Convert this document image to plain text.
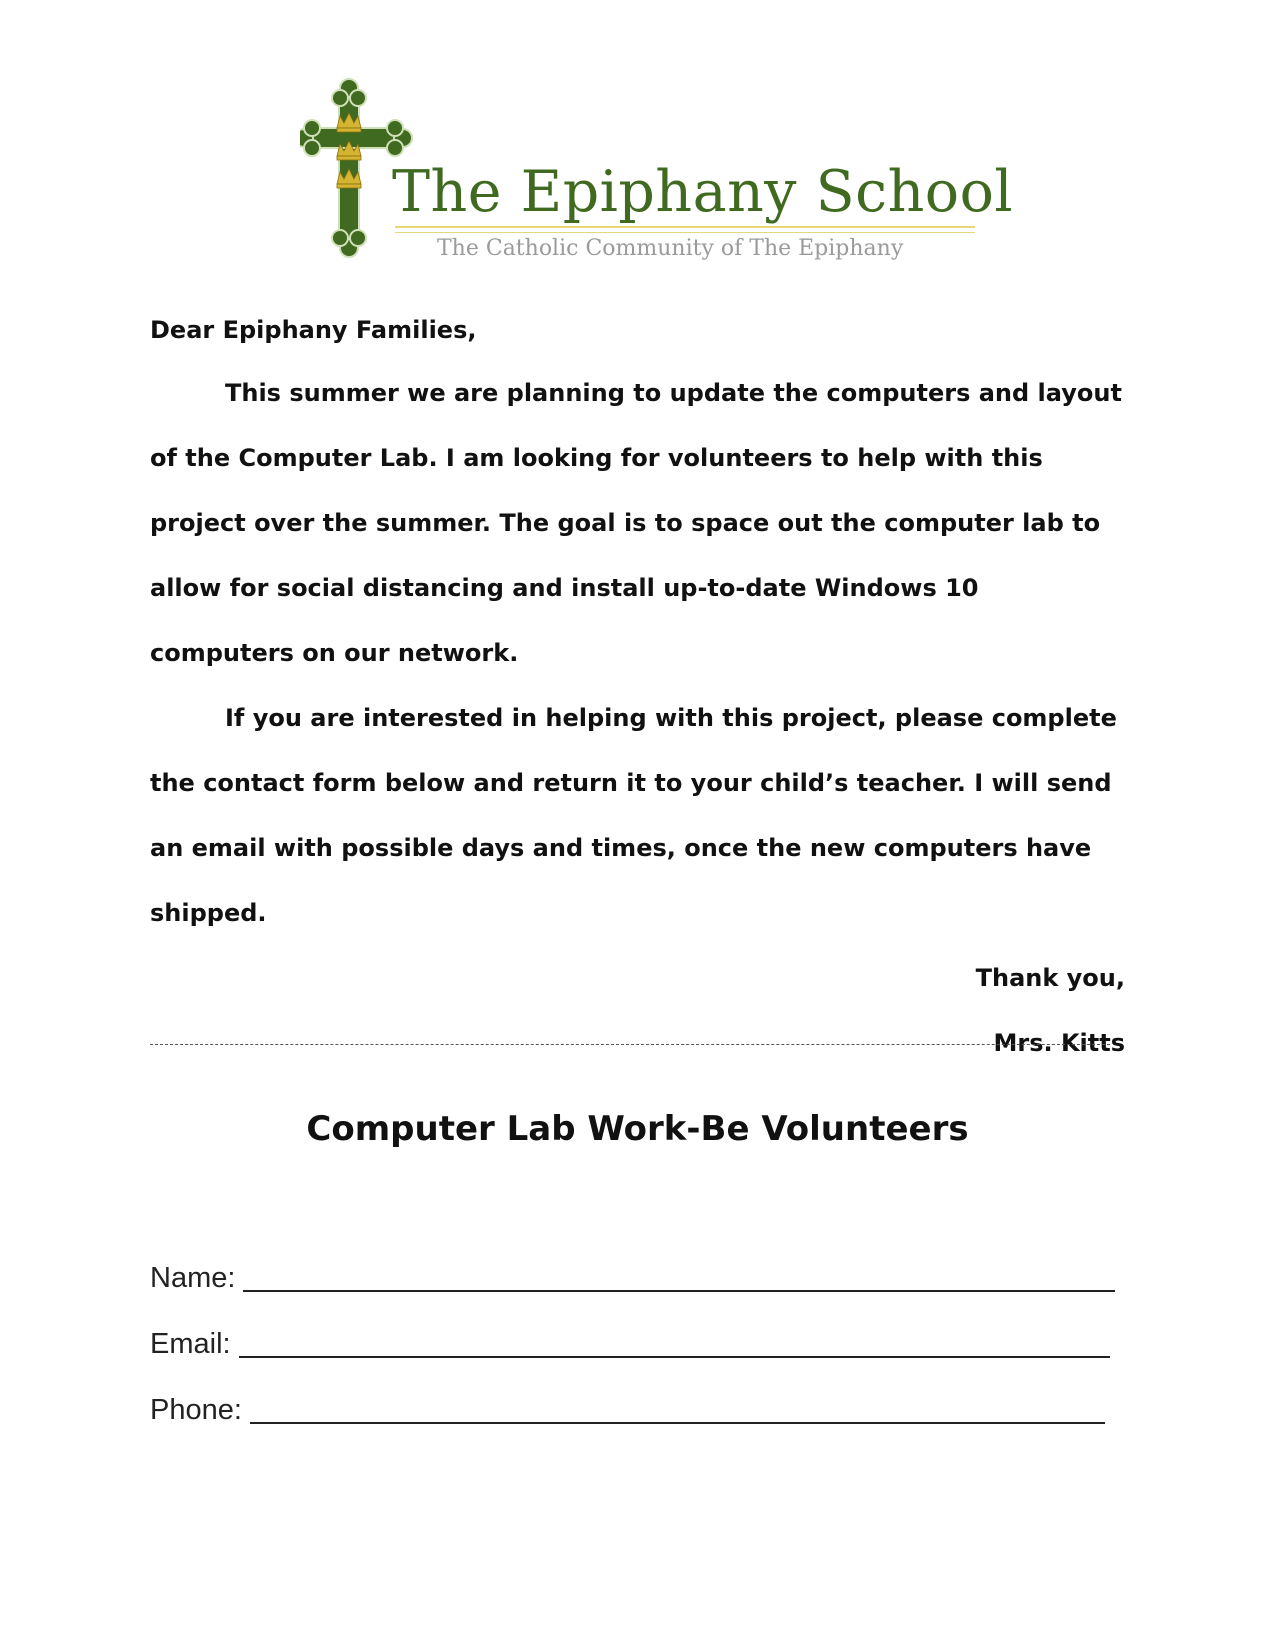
The Epiphany School
The Catholic Community of The Epiphany

Dear Epiphany Families,

This summer we are planning to update the computers and layout of the Computer Lab. I am looking for volunteers to help with this project over the summer. The goal is to space out the computer lab to allow for social distancing and install up-to-date Windows 10 computers on our network.

If you are interested in helping with this project, please complete the contact form below and return it to your child’s teacher. I will send an email with possible days and times, once the new computers have shipped.

Thank you,

Mrs. Kitts

Computer Lab Work-Be Volunteers
Name:
Email:
Phone:
